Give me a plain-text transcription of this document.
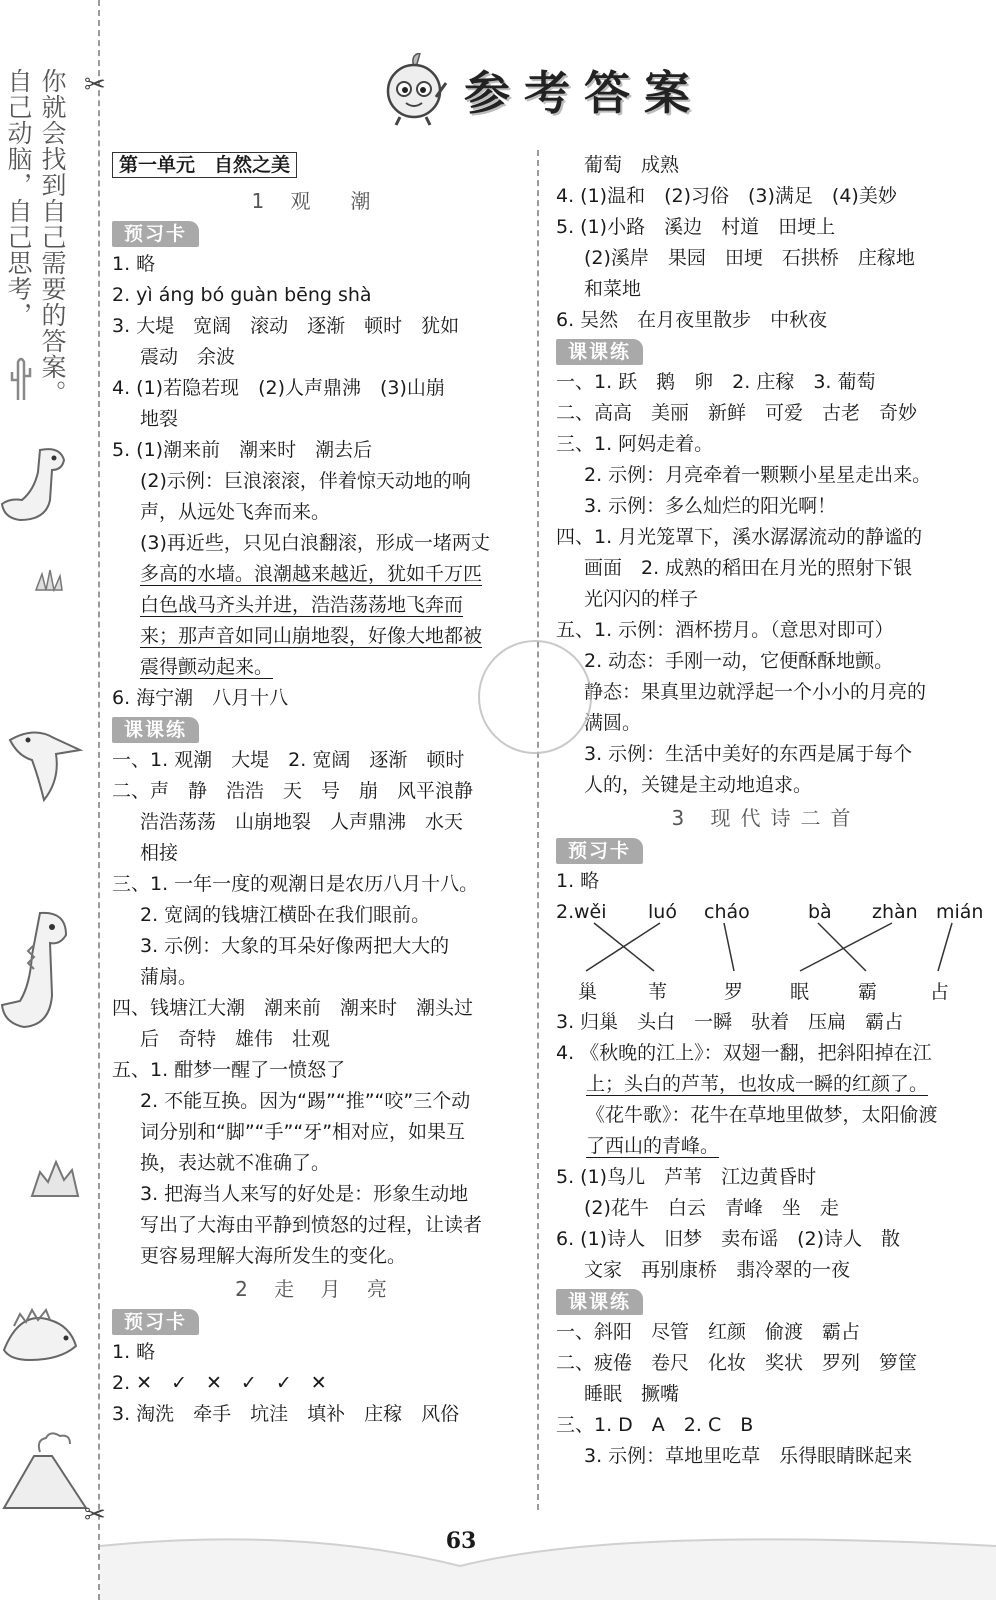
你就会找到自己需要的答案。
自己动脑，自己思考， ✂
✂
参考答案
第一单元　自然之美
1 观　潮
预习卡
1. 略
2. yì áng bó guàn bēng shà
3. 大堤　宽阔　滚动　逐渐　顿时　犹如
震动　余波
4. (1)若隐若现　(2)人声鼎沸　(3)山崩
地裂
5. (1)潮来前　潮来时　潮去后
(2)示例：巨浪滚滚，伴着惊天动地的响
声，从远处飞奔而来。
(3)再近些，只见白浪翻滚，形成一堵两丈
多高的水墙。浪潮越来越近，犹如千万匹
白色战马齐头并进，浩浩荡荡地飞奔而
来；那声音如同山崩地裂，好像大地都被
震得颤动起来。
6. 海宁潮　八月十八
课课练
一、1. 观潮　大堤　2. 宽阔　逐渐　顿时
二、声　静　浩浩　天　号　崩　风平浪静
浩浩荡荡　山崩地裂　人声鼎沸　水天
相接
三、1. 一年一度的观潮日是农历八月十八。
2. 宽阔的钱塘江横卧在我们眼前。
3. 示例：大象的耳朵好像两把大大的
蒲扇。
四、钱塘江大潮　潮来前　潮来时　潮头过
后　奇特　雄伟　壮观
五、1. 酣梦一醒了一愤怒了
2. 不能互换。因为“踢”“推”“咬”三个动
词分别和“脚”“手”“牙”相对应，如果互
换，表达就不准确了。
3. 把海当人来写的好处是：形象生动地
写出了大海由平静到愤怒的过程，让读者
更容易理解大海所发生的变化。
2 走 月 亮
预习卡
1. 略
2. ✕　✓　✕　✓　✓　✕
3. 淘洗　牵手　坑洼　填补　庄稼　风俗
葡萄　成熟
4. (1)温和　(2)习俗　(3)满足　(4)美妙
5. (1)小路　溪边　村道　田埂上
(2)溪岸　果园　田埂　石拱桥　庄稼地
和菜地
6. 吴然　在月夜里散步　中秋夜
课课练
一、1. 跃　鹅　卵　2. 庄稼　3. 葡萄
二、高高　美丽　新鲜　可爱　古老　奇妙
三、1. 阿妈走着。
2. 示例：月亮牵着一颗颗小星星走出来。
3. 示例：多么灿烂的阳光啊！
四、1. 月光笼罩下，溪水潺潺流动的静谧的
画面　2. 成熟的稻田在月光的照射下银
光闪闪的样子
五、1. 示例：酒杯捞月。（意思对即可）
2. 动态：手刚一动，它便酥酥地颤。
静态：果真里边就浮起一个小小的月亮的
满圆。
3. 示例：生活中美好的东西是属于每个
人的，关键是主动地追求。
3 现代诗二首
预习卡
1. 略
2. wěi luó cháo	bà zhàn mián
巢	苇	罗 眠	霸	占
3. 归巢　头白　一瞬　驮着　压扁　霸占
4. 《秋晚的江上》：双翅一翻，把斜阳掉在江
上；头白的芦苇，也妆成一瞬的红颜了。
《花牛歌》：花牛在草地里做梦，太阳偷渡
了西山的青峰。
5. (1)鸟儿　芦苇　江边黄昏时
(2)花牛　白云　青峰　坐　走
6. (1)诗人　旧梦　卖布谣　(2)诗人　散
文家　再别康桥　翡冷翠的一夜
课课练
一、斜阳　尽管　红颜　偷渡　霸占
二、疲倦　卷尺　化妆　奖状　罗列　箩筐
睡眠　撅嘴
三、1. D　A　2. C　B
3. 示例：草地里吃草　乐得眼睛眯起来
63
